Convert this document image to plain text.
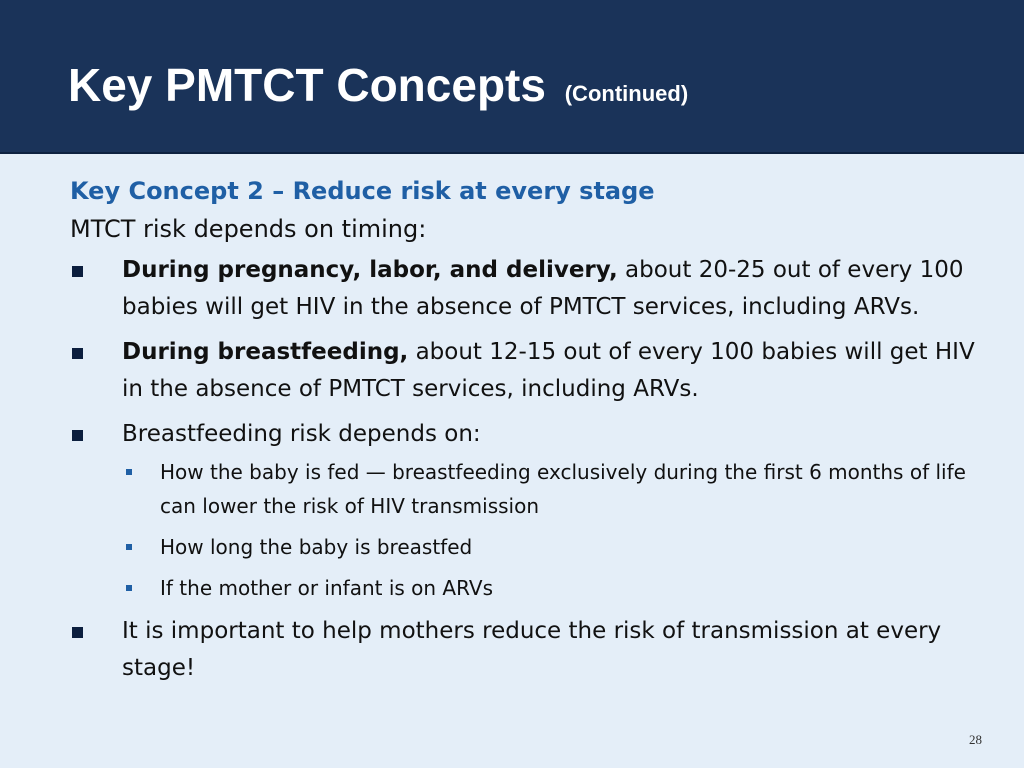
Key PMTCT Concepts (Continued)

Key Concept 2 – Reduce risk at every stage

MTCT risk depends on timing:

During pregnancy, labor, and delivery, about 20-25 out of every 100 babies will get HIV in the absence of PMTCT services, including ARVs.
During breastfeeding, about 12-15 out of every 100 babies will get HIV in the absence of PMTCT services, including ARVs.
Breastfeeding risk depends on:
How the baby is fed — breastfeeding exclusively during the first 6 months of life can lower the risk of HIV transmission
How long the baby is breastfed
If the mother or infant is on ARVs
It is important to help mothers reduce the risk of transmission at every stage!
28
